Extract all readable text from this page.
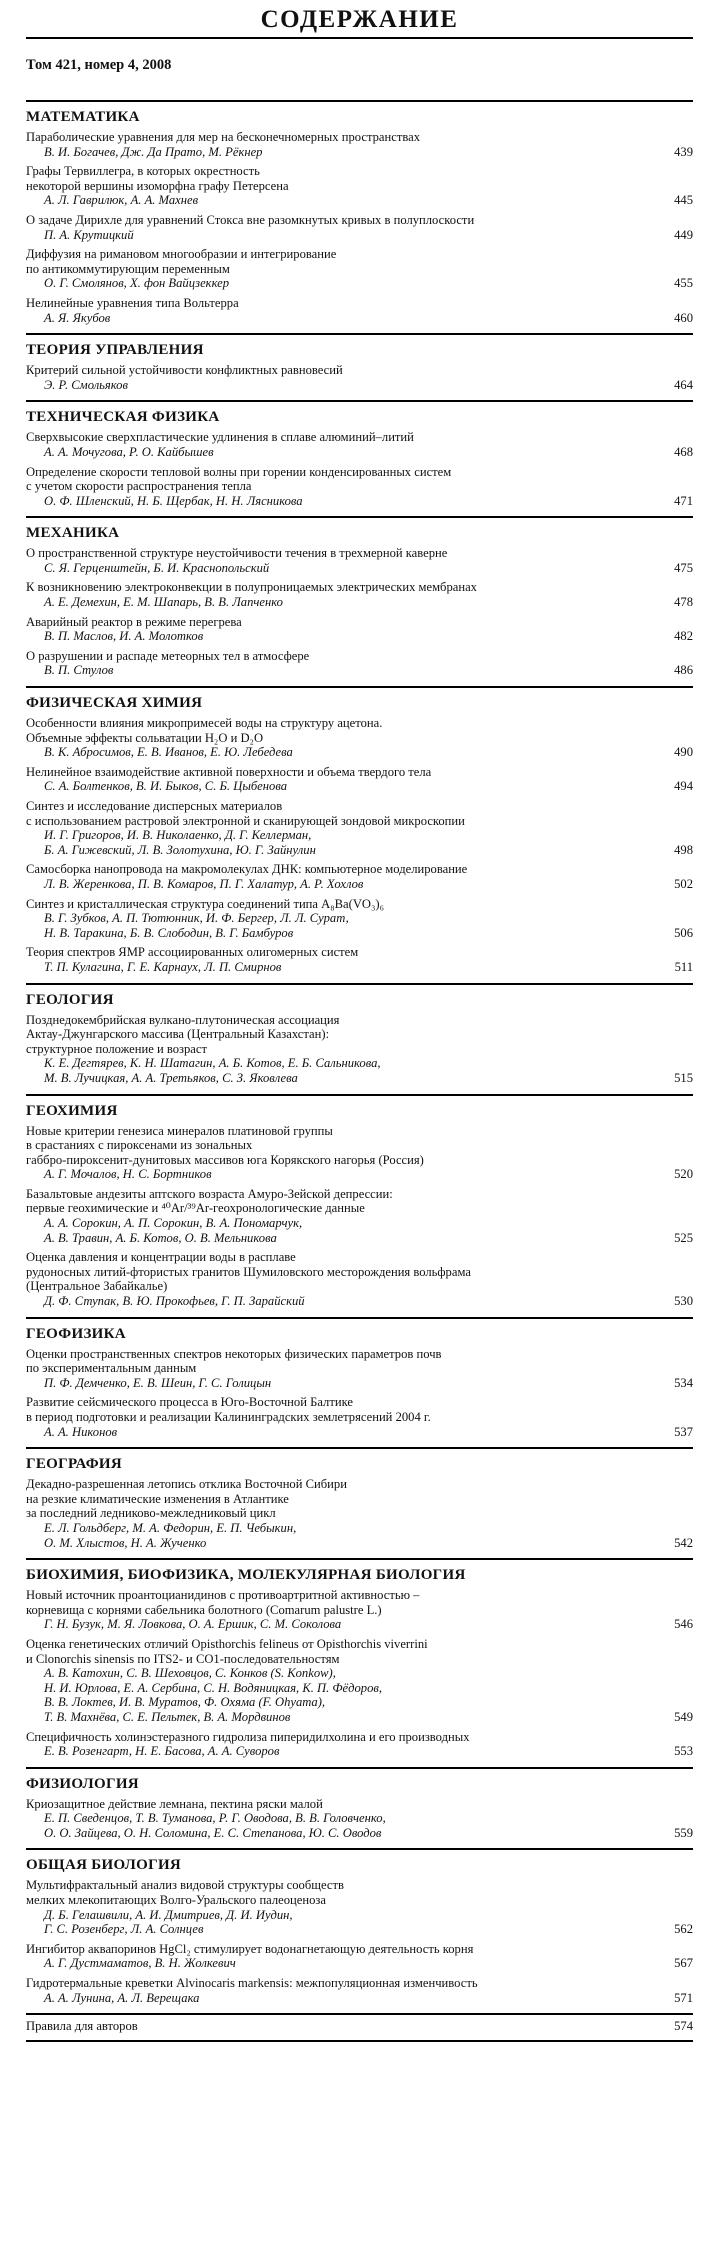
СОДЕРЖАНИЕ
Том 421, номер 4, 2008
МАТЕМАТИКА
Параболические уравнения для мер на бесконечномерных пространствах
В. И. Богачев, Дж. Да Прато, М. Рёкнер	439
Графы Тервиллегра, в которых окрестность
некоторой вершины изоморфна графу Петерсена
А. Л. Гаврилюк, А. А. Махнев	445
О задаче Дирихле для уравнений Стокса вне разомкнутых кривых в полуплоскости
П. А. Крутицкий	449
Диффузия на римановом многообразии и интегрирование
по антикоммутирующим переменным
О. Г. Смолянов, Х. фон Вайцзеккер	455
Нелинейные уравнения типа Вольтерра
А. Я. Якубов	460
ТЕОРИЯ УПРАВЛЕНИЯ
Критерий сильной устойчивости конфликтных равновесий
Э. Р. Смольяков	464
ТЕХНИЧЕСКАЯ ФИЗИКА
Сверхвысокие сверхпластические удлинения в сплаве алюминий–литий
А. А. Мочугова, Р. О. Кайбышев	468
Определение скорости тепловой волны при горении конденсированных систем
с учетом скорости распространения тепла
О. Ф. Шленский, Н. Б. Щербак, Н. Н. Лясникова	471
МЕХАНИКА
О пространственной структуре неустойчивости течения в трехмерной каверне
С. Я. Герценштейн, Б. И. Краснопольский	475
К возникновению электроконвекции в полупроницаемых электрических мембранах
А. Е. Демехин, Е. М. Шапарь, В. В. Лапченко	478
Аварийный реактор в режиме перегрева
В. П. Маслов, И. А. Молотков	482
О разрушении и распаде метеорных тел в атмосфере
В. П. Стулов	486
ФИЗИЧЕСКАЯ ХИМИЯ
Особенности влияния микропримесей воды на структуру ацетона.
Объемные эффекты сольватации H₂O и D₂O
В. К. Абросимов, Е. В. Иванов, Е. Ю. Лебедева	490
Нелинейное взаимодействие активной поверхности и объема твердого тела
С. А. Болтенков, В. И. Быков, С. Б. Цыбенова	494
Синтез и исследование дисперсных материалов
с использованием растровой электронной и сканирующей зондовой микроскопии
И. Г. Григоров, И. В. Николаенко, Д. Г. Келлерман,
Б. А. Гижевский, Л. В. Золотухина, Ю. Г. Зайнулин	498
Самосборка нанопровода на макромолекулах ДНК: компьютерное моделирование
Л. В. Жеренкова, П. В. Комаров, П. Г. Халатур, А. Р. Хохлов	502
Синтез и кристаллическая структура соединений типа A₈Ba(VO₃)₆
В. Г. Зубков, А. П. Тютюнник, И. Ф. Бергер, Л. Л. Сурат,
Н. В. Таракина, Б. В. Слободин, В. Г. Бамбуров	506
Теория спектров ЯМР ассоциированных олигомерных систем
Т. П. Кулагина, Г. Е. Карнаух, Л. П. Смирнов	511
ГЕОЛОГИЯ
Позднедокембрийская вулкано-плутоническая ассоциация
Актау-Джунгарского массива (Центральный Казахстан):
структурное положение и возраст
К. Е. Дегтярев, К. Н. Шатагин, А. Б. Котов, Е. Б. Сальникова,
М. В. Лучицкая, А. А. Третьяков, С. З. Яковлева	515
ГЕОХИМИЯ
Новые критерии генезиса минералов платиновой группы
в срастаниях с пироксенами из зональных
габбро-пироксенит-дунитовых массивов юга Корякского нагорья (Россия)
А. Г. Мочалов, Н. С. Бортников	520
Базальтовые андезиты аптского возраста Амуро-Зейской депрессии:
первые геохимические и ⁴⁰Ar/³⁹Ar-геохронологические данные
А. А. Сорокин, А. П. Сорокин, В. А. Пономарчук,
А. В. Травин, А. Б. Котов, О. В. Мельникова	525
Оценка давления и концентрации воды в расплаве
рудоносных литий-фтористых гранитов Шумиловского месторождения вольфрама
(Центральное Забайкалье)
Д. Ф. Ступак, В. Ю. Прокофьев, Г. П. Зарайский	530
ГЕОФИЗИКА
Оценки пространственных спектров некоторых физических параметров почв
по экспериментальным данным
П. Ф. Демченко, Е. В. Шеин, Г. С. Голицын	534
Развитие сейсмического процесса в Юго-Восточной Балтике
в период подготовки и реализации Калининградских землетрясений 2004 г.
А. А. Никонов	537
ГЕОГРАФИЯ
Декадно-разрешенная летопись отклика Восточной Сибири
на резкие климатические изменения в Атлантике
за последний ледниково-межледниковый цикл
Е. Л. Гольдберг, М. А. Федорин, Е. П. Чебыкин,
О. М. Хлыстов, Н. А. Жученко	542
БИОХИМИЯ, БИОФИЗИКА, МОЛЕКУЛЯРНАЯ БИОЛОГИЯ
Новый источник проантоцианидинов с противоартритной активностью –
корневища с корнями сабельника болотного (Comarum palustre L.)
Г. Н. Бузук, М. Я. Ловкова, О. А. Ершик, С. М. Соколова	546
Оценка генетических отличий Opisthorchis felineus от Opisthorchis viverrini
и Clonorchis sinensis по ITS2- и CO1-последовательностям
А. В. Катохин, С. В. Шеховцов, С. Конков (S. Konkow),
Н. И. Юрлова, Е. А. Сербина, С. Н. Водяницкая, К. П. Фёдоров,
В. В. Локтев, И. В. Муратов, Ф. Охяма (F. Ohyama),
Т. В. Махнёва, С. Е. Пельтек, В. А. Мордвинов	549
Специфичность холинэстеразного гидролиза пиперидилхолина и его производных
Е. В. Розенгарт, Н. Е. Басова, А. А. Суворов	553
ФИЗИОЛОГИЯ
Криозащитное действие лемнана, пектина ряски малой
Е. П. Сведенцов, Т. В. Туманова, Р. Г. Оводова, В. В. Головченко,
О. О. Зайцева, О. Н. Соломина, Е. С. Степанова, Ю. С. Оводов	559
ОБЩАЯ БИОЛОГИЯ
Мультифрактальный анализ видовой структуры сообществ
мелких млекопитающих Волго-Уральского палеоценоза
Д. Б. Гелашвили, А. И. Дмитриев, Д. И. Иудин,
Г. С. Розенберг, Л. А. Солнцев	562
Ингибитор аквапоринов HgCl₂ стимулирует водонагнетающую деятельность корня
А. Г. Дустмаматов, В. Н. Жолкевич	567
Гидротермальные креветки Alvinocaris markensis: межпопуляционная изменчивость
А. А. Лунина, А. Л. Верещака	571
Правила для авторов	574
